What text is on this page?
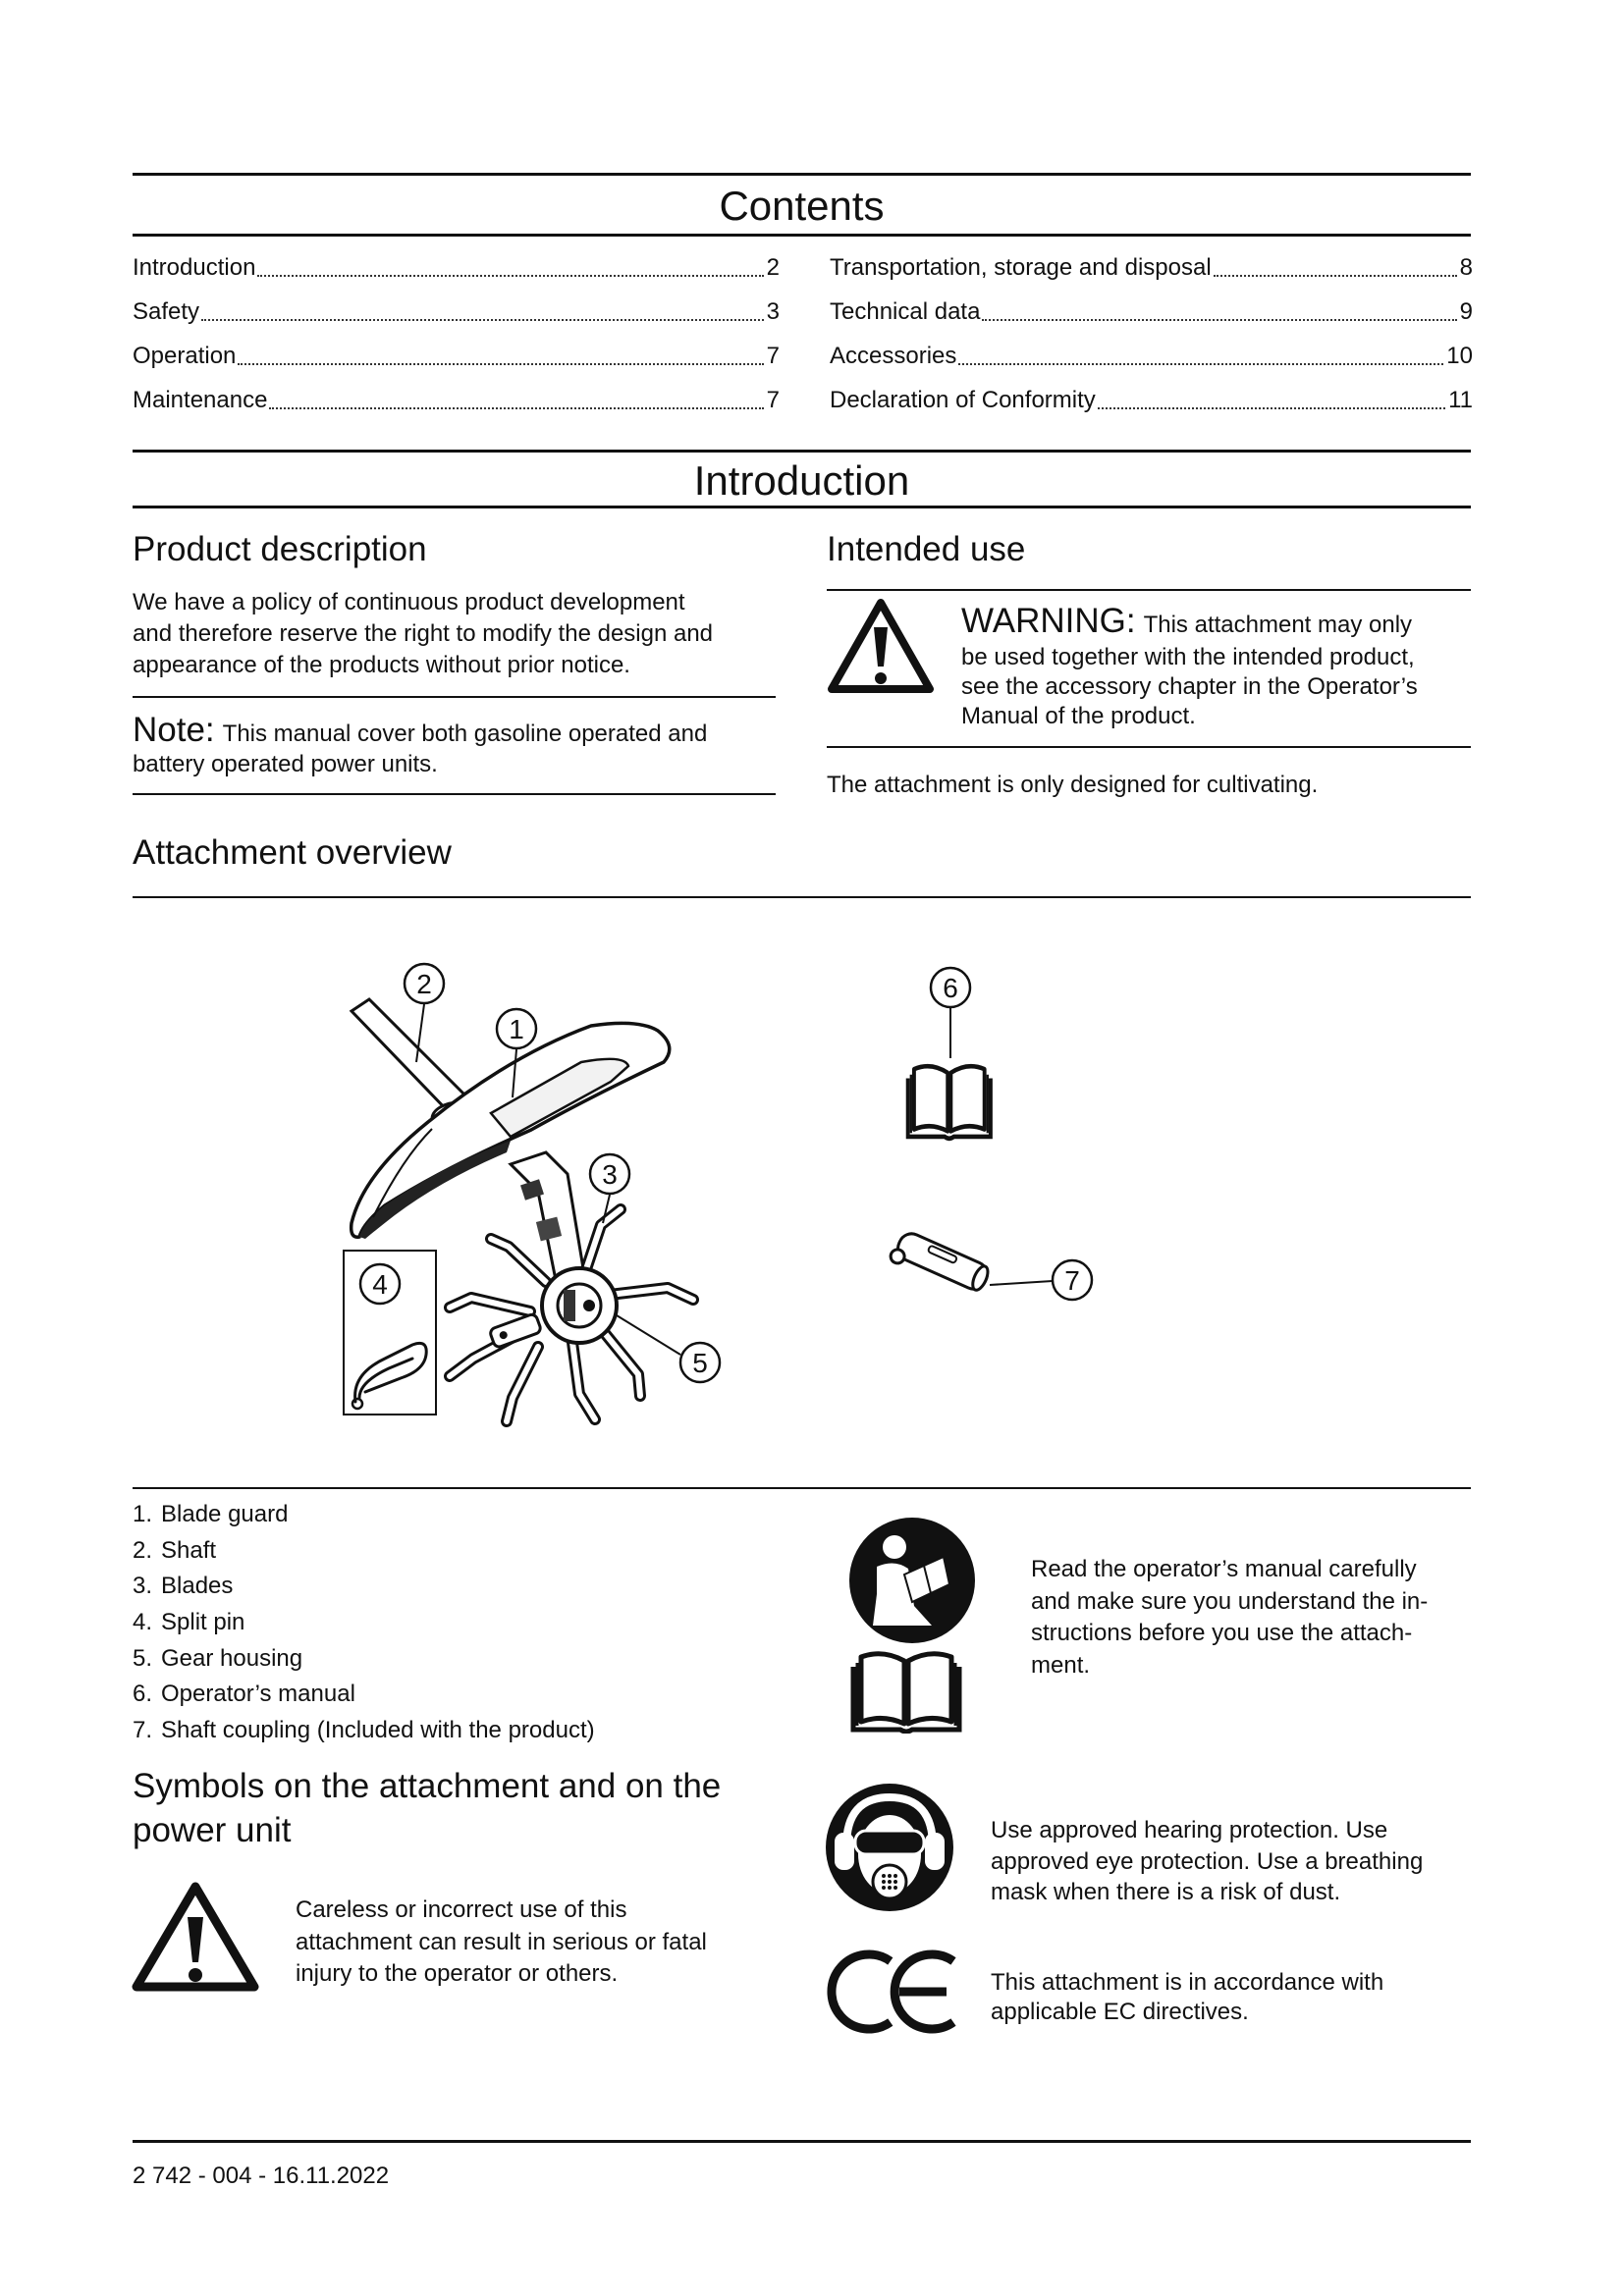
Contents
Introduction	2
Safety	3
Operation	7
Maintenance	7
Transportation, storage and disposal	8
Technical data	9
Accessories	10
Declaration of Conformity	11
Introduction
Product description
We have a policy of continuous product development
and therefore reserve the right to modify the design and
appearance of the products without prior notice.
Note: This manual cover both gasoline operated and
battery operated power units.
Intended use
WARNING: This attachment may only
be used together with the intended product,
see the accessory chapter in the Operator’s
Manual of the product.
The attachment is only designed for cultivating.
Attachment overview
2
1
3
4
5
6
7
1. Blade guard
2. Shaft
3. Blades
4. Split pin
5. Gear housing
6. Operator’s manual
7. Shaft coupling (Included with the product)
Symbols on the attachment and on the
power unit
Careless or incorrect use of this
attachment can result in serious or fatal
injury to the operator or others.
Read the operator’s manual carefully
and make sure you understand the in-
structions before you use the attach-
ment.
Use approved hearing protection. Use
approved eye protection. Use a breathing
mask when there is a risk of dust.
This attachment is in accordance with
applicable EC directives.
2 742 - 004 - 16.11.2022
